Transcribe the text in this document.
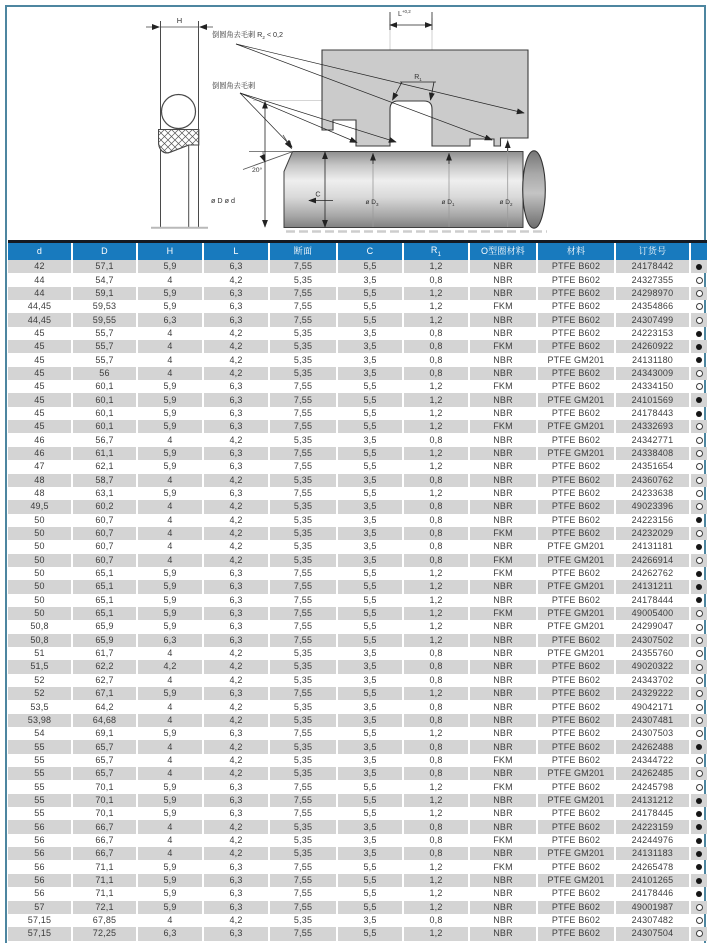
H
ø $D_3$	ø $D_1$	ø $D_2$
$L^{+0,2}$
$R_1$
倒圆角去毛刺 $R_2 < 0,2$
倒圆角去毛刺
20°
ø D ø d
C
d	D	H	L	断面	C	$R_1$	O型圈材料	材料	订货号	
42	57,1	5,9	6,3	7,55	5,5	1,2	NBR	PTFE B602	24178442	
44	54,7	4	4,2	5,35	3,5	0,8	NBR	PTFE B602	24327355	
44	59,1	5,9	6,3	7,55	5,5	1,2	NBR	PTFE B602	24298970	
44,45	59,53	5,9	6,3	7,55	5,5	1,2	FKM	PTFE B602	24354866	
44,45	59,55	6,3	6,3	7,55	5,5	1,2	NBR	PTFE B602	24307499	
45	55,7	4	4,2	5,35	3,5	0,8	NBR	PTFE B602	24223153	
45	55,7	4	4,2	5,35	3,5	0,8	FKM	PTFE B602	24260922	
45	55,7	4	4,2	5,35	3,5	0,8	NBR	PTFE GM201	24131180	
45	56	4	4,2	5,35	3,5	0,8	NBR	PTFE B602	24343009	
45	60,1	5,9	6,3	7,55	5,5	1,2	FKM	PTFE B602	24334150	
45	60,1	5,9	6,3	7,55	5,5	1,2	NBR	PTFE GM201	24101569	
45	60,1	5,9	6,3	7,55	5,5	1,2	NBR	PTFE B602	24178443	
45	60,1	5,9	6,3	7,55	5,5	1,2	FKM	PTFE GM201	24332693	
46	56,7	4	4,2	5,35	3,5	0,8	NBR	PTFE B602	24342771	
46	61,1	5,9	6,3	7,55	5,5	1,2	NBR	PTFE GM201	24338408	
47	62,1	5,9	6,3	7,55	5,5	1,2	NBR	PTFE B602	24351654	
48	58,7	4	4,2	5,35	3,5	0,8	NBR	PTFE B602	24360762	
48	63,1	5,9	6,3	7,55	5,5	1,2	NBR	PTFE B602	24233638	
49,5	60,2	4	4,2	5,35	3,5	0,8	NBR	PTFE B602	49023396	
50	60,7	4	4,2	5,35	3,5	0,8	NBR	PTFE B602	24223156	
50	60,7	4	4,2	5,35	3,5	0,8	FKM	PTFE B602	24232029	
50	60,7	4	4,2	5,35	3,5	0,8	NBR	PTFE GM201	24131181	
50	60,7	4	4,2	5,35	3,5	0,8	FKM	PTFE GM201	24266914	
50	65,1	5,9	6,3	7,55	5,5	1,2	FKM	PTFE B602	24262762	
50	65,1	5,9	6,3	7,55	5,5	1,2	NBR	PTFE GM201	24131211	
50	65,1	5,9	6,3	7,55	5,5	1,2	NBR	PTFE B602	24178444	
50	65,1	5,9	6,3	7,55	5,5	1,2	FKM	PTFE GM201	49005400	
50,8	65,9	5,9	6,3	7,55	5,5	1,2	NBR	PTFE GM201	24299047	
50,8	65,9	6,3	6,3	7,55	5,5	1,2	NBR	PTFE B602	24307502	
51	61,7	4	4,2	5,35	3,5	0,8	NBR	PTFE GM201	24355760	
51,5	62,2	4,2	4,2	5,35	3,5	0,8	NBR	PTFE B602	49020322	
52	62,7	4	4,2	5,35	3,5	0,8	NBR	PTFE B602	24343702	
52	67,1	5,9	6,3	7,55	5,5	1,2	NBR	PTFE B602	24329222	
53,5	64,2	4	4,2	5,35	3,5	0,8	NBR	PTFE B602	49042171	
53,98	64,68	4	4,2	5,35	3,5	0,8	NBR	PTFE B602	24307481	
54	69,1	5,9	6,3	7,55	5,5	1,2	NBR	PTFE B602	24307503	
55	65,7	4	4,2	5,35	3,5	0,8	NBR	PTFE B602	24262488	
55	65,7	4	4,2	5,35	3,5	0,8	FKM	PTFE B602	24344722	
55	65,7	4	4,2	5,35	3,5	0,8	NBR	PTFE GM201	24262485	
55	70,1	5,9	6,3	7,55	5,5	1,2	FKM	PTFE B602	24245798	
55	70,1	5,9	6,3	7,55	5,5	1,2	NBR	PTFE GM201	24131212	
55	70,1	5,9	6,3	7,55	5,5	1,2	NBR	PTFE B602	24178445	
56	66,7	4	4,2	5,35	3,5	0,8	NBR	PTFE B602	24223159	
56	66,7	4	4,2	5,35	3,5	0,8	FKM	PTFE B602	24244976	
56	66,7	4	4,2	5,35	3,5	0,8	NBR	PTFE GM201	24131183	
56	71,1	5,9	6,3	7,55	5,5	1,2	FKM	PTFE B602	24265478	
56	71,1	5,9	6,3	7,55	5,5	1,2	NBR	PTFE GM201	24101265	
56	71,1	5,9	6,3	7,55	5,5	1,2	NBR	PTFE B602	24178446	
57	72,1	5,9	6,3	7,55	5,5	1,2	NBR	PTFE B602	49001987	
57,15	67,85	4	4,2	5,35	3,5	0,8	NBR	PTFE B602	24307482	
57,15	72,25	6,3	6,3	7,55	5,5	1,2	NBR	PTFE B602	24307504	
